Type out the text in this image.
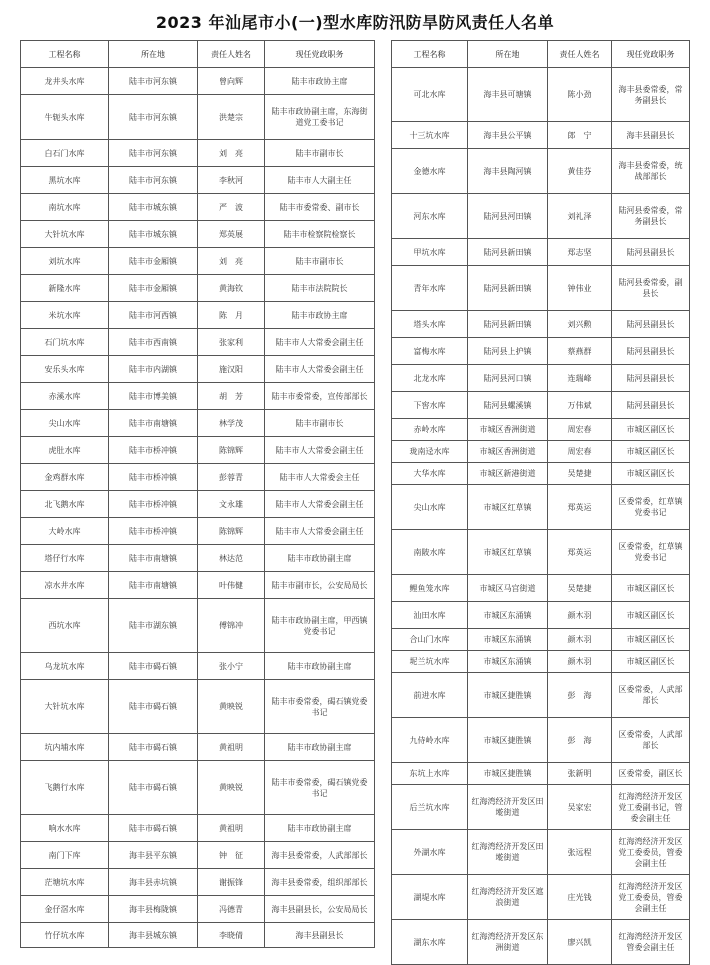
2023 年汕尾市小(一)型水库防汛防旱防风责任人名单
工程名称	所在地	责任人姓名	现任党政职务
龙井头水库	陆丰市河东镇	曾向辉	陆丰市政协主席
牛轭头水库	陆丰市河东镇	洪楚宗	陆丰市政协副主席，东海街道党工委书记
白石门水库	陆丰市河东镇	刘　亮	陆丰市副市长
黑坑水库	陆丰市河东镇	李秋河	陆丰市人大副主任
南坑水库	陆丰市城东镇	严　波	陆丰市委常委、副市长
大针坑水库	陆丰市城东镇	郑英展	陆丰市检察院检察长
刘坑水库	陆丰市金厢镇	刘　亮	陆丰市副市长
新隆水库	陆丰市金厢镇	黄海钦	陆丰市法院院长
米坑水库	陆丰市河西镇	陈　月	陆丰市政协主席
石门坑水库	陆丰市西南镇	张家利	陆丰市人大常委会副主任
安乐头水库	陆丰市内湖镇	施汉阳	陆丰市人大常委会副主任
赤溪水库	陆丰市博美镇	胡　芳	陆丰市委常委，宣传部部长
尖山水库	陆丰市南塘镇	林学茂	陆丰市副市长
虎肚水库	陆丰市桥冲镇	陈锦辉	陆丰市人大常委会副主任
金鸡群水库	陆丰市桥冲镇	彭蓉青	陆丰市人大常委会主任
北飞鹅水库	陆丰市桥冲镇	文永雄	陆丰市人大常委会副主任
大岭水库	陆丰市桥冲镇	陈锦辉	陆丰市人大常委会副主任
塔仔行水库	陆丰市南塘镇	林达范	陆丰市政协副主席
凉水井水库	陆丰市南塘镇	叶伟健	陆丰市副市长，公安局局长
西坑水库	陆丰市湖东镇	傅锦冲	陆丰市政协副主席，甲西镇党委书记
乌龙坑水库	陆丰市碣石镇	张小宁	陆丰市政协副主席
大针坑水库	陆丰市碣石镇	黄映锐	陆丰市委常委，碣石镇党委书记
坑内埔水库	陆丰市碣石镇	黄祖明	陆丰市政协副主席
飞鹅行水库	陆丰市碣石镇	黄映锐	陆丰市委常委，碣石镇党委书记
响水水库	陆丰市碣石镇	黄祖明	陆丰市政协副主席
南门下库	海丰县平东镇	钟　征	海丰县委常委，人武部部长
茫塘坑水库	海丰县赤坑镇	谢振锋	海丰县委常委，组织部部长
金仔滘水库	海丰县梅陇镇	冯德青	海丰县副县长，公安局局长
竹仔坑水库	海丰县城东镇	李晓倩	海丰县副县长
工程名称	所在地	责任人姓名	现任党政职务
可北水库	海丰县可塘镇	陈小劲	海丰县委常委，常务副县长
十三坑水库	海丰县公平镇	郎　宁	海丰县副县长
金德水库	海丰县陶河镇	黄佳芬	海丰县委常委，统战部部长
河东水库	陆河县河田镇	刘礼泽	陆河县委常委，常务副县长
甲坑水库	陆河县新田镇	郑志坚	陆河县副县长
青年水库	陆河县新田镇	钟伟业	陆河县委常委，副县长
塔头水库	陆河县新田镇	刘兴勲	陆河县副县长
富梅水库	陆河县上护镇	蔡燕群	陆河县副县长
北龙水库	陆河县河口镇	连瑞峰	陆河县副县长
下窖水库	陆河县螺溪镇	万伟斌	陆河县副县长
赤岭水库	市城区香洲街道	周宏春	市城区副区长
珑南迳水库	市城区香洲街道	周宏春	市城区副区长
大华水库	市城区新港街道	吴楚捷	市城区副区长
尖山水库	市城区红草镇	郑英运	区委常委，红草镇党委书记
南陂水库	市城区红草镇	郑英运	区委常委，红草镇党委书记
鲤鱼笼水库	市城区马宫街道	吴楚捷	市城区副区长
汕田水库	市城区东涌镇	颜木羽	市城区副区长
合山门水库	市城区东涌镇	颜木羽	市城区副区长
坭兰坑水库	市城区东涌镇	颜木羽	市城区副区长
前进水库	市城区捷胜镇	彭　海	区委常委，人武部部长
九侍岭水库	市城区捷胜镇	彭　海	区委常委，人武部部长
东坑上水库	市城区捷胜镇	张新明	区委常委，副区长
后兰坑水库	红海湾经济开发区田墘街道	吴家宏	红海湾经济开发区党工委副书记，管委会副主任
外湖水库	红海湾经济开发区田墘街道	张远程	红海湾经济开发区党工委委员，管委会副主任
湖堤水库	红海湾经济开发区遮浪街道	庄光钱	红海湾经济开发区党工委委员，管委会副主任
湖东水库	红海湾经济开发区东洲街道	廖兴凯	红海湾经济开发区管委会副主任
